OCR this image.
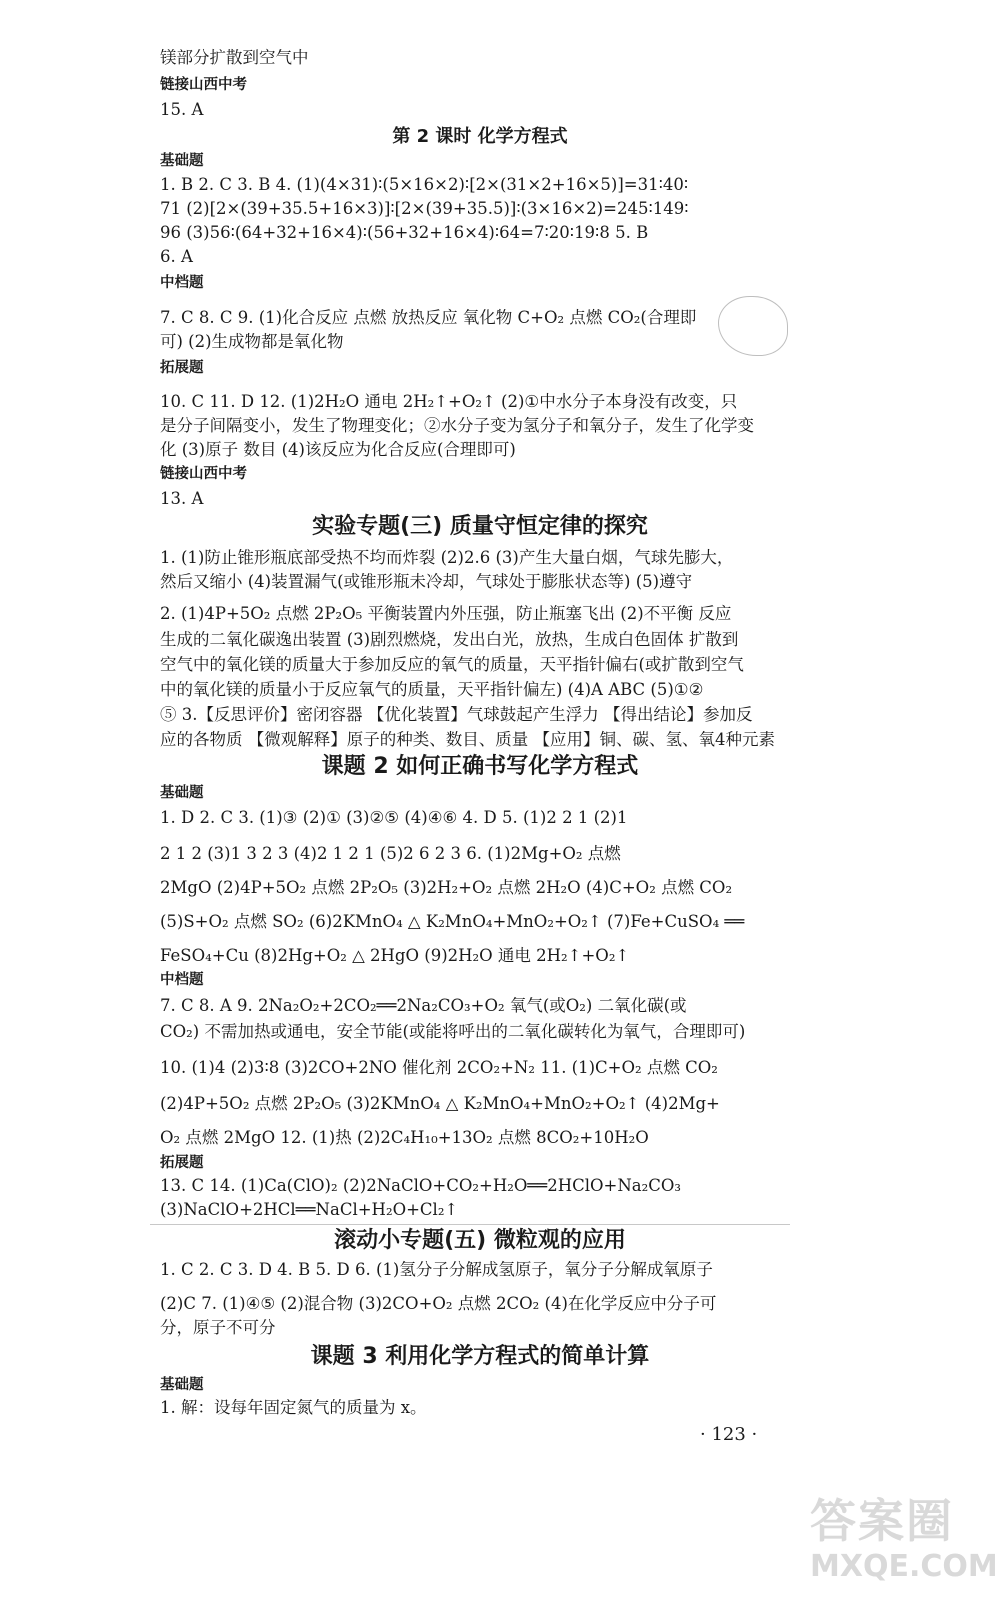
镁部分扩散到空气中
链接山西中考
15. A
第 2 课时 化学方程式
基础题
1. B 2. C 3. B 4. (1)(4×31)∶(5×16×2)∶[2×(31×2+16×5)]=31∶40∶
71 (2)[2×(39+35.5+16×3)]∶[2×(39+35.5)]∶(3×16×2)=245∶149∶
96 (3)56∶(64+32+16×4)∶(56+32+16×4)∶64=7∶20∶19∶8 5. B
6. A
中档题
7. C 8. C 9. (1)化合反应 点燃 放热反应 氧化物 C+O₂ 点燃 CO₂(合理即
可) (2)生成物都是氧化物
拓展题
10. C 11. D 12. (1)2H₂O 通电 2H₂↑+O₂↑ (2)①中水分子本身没有改变，只
是分子间隔变小，发生了物理变化；②水分子变为氢分子和氧分子，发生了化学变
化 (3)原子 数目 (4)该反应为化合反应(合理即可)
链接山西中考
13. A
实验专题(三) 质量守恒定律的探究
1. (1)防止锥形瓶底部受热不均而炸裂 (2)2.6 (3)产生大量白烟，气球先膨大，
然后又缩小 (4)装置漏气(或锥形瓶未冷却，气球处于膨胀状态等) (5)遵守
2. (1)4P+5O₂ 点燃 2P₂O₅ 平衡装置内外压强，防止瓶塞飞出 (2)不平衡 反应
生成的二氧化碳逸出装置 (3)剧烈燃烧，发出白光，放热，生成白色固体 扩散到
空气中的氧化镁的质量大于参加反应的氧气的质量，天平指针偏右(或扩散到空气
中的氧化镁的质量小于反应氧气的质量，天平指针偏左) (4)A ABC (5)①②
⑤ 3.【反思评价】密闭容器 【优化装置】气球鼓起产生浮力 【得出结论】参加反
应的各物质 【微观解释】原子的种类、数目、质量 【应用】铜、碳、氢、氧4种元素
课题 2 如何正确书写化学方程式
基础题
1. D 2. C 3. (1)③ (2)① (3)②⑤ (4)④⑥ 4. D 5. (1)2 2 1 (2)1
2 1 2 (3)1 3 2 3 (4)2 1 2 1 (5)2 6 2 3 6. (1)2Mg+O₂ 点燃
2MgO (2)4P+5O₂ 点燃 2P₂O₅ (3)2H₂+O₂ 点燃 2H₂O (4)C+O₂ 点燃 CO₂
(5)S+O₂ 点燃 SO₂ (6)2KMnO₄ △ K₂MnO₄+MnO₂+O₂↑ (7)Fe+CuSO₄ ══
FeSO₄+Cu (8)2Hg+O₂ △ 2HgO (9)2H₂O 通电 2H₂↑+O₂↑
中档题
7. C 8. A 9. 2Na₂O₂+2CO₂══2Na₂CO₃+O₂ 氧气(或O₂) 二氧化碳(或
CO₂) 不需加热或通电，安全节能(或能将呼出的二氧化碳转化为氧气，合理即可)
10. (1)4 (2)3∶8 (3)2CO+2NO 催化剂 2CO₂+N₂ 11. (1)C+O₂ 点燃 CO₂
(2)4P+5O₂ 点燃 2P₂O₅ (3)2KMnO₄ △ K₂MnO₄+MnO₂+O₂↑ (4)2Mg+
O₂ 点燃 2MgO 12. (1)热 (2)2C₄H₁₀+13O₂ 点燃 8CO₂+10H₂O
拓展题
13. C 14. (1)Ca(ClO)₂ (2)2NaClO+CO₂+H₂O══2HClO+Na₂CO₃
(3)NaClO+2HCl══NaCl+H₂O+Cl₂↑
滚动小专题(五) 微粒观的应用
1. C 2. C 3. D 4. B 5. D 6. (1)氢分子分解成氢原子，氧分子分解成氧原子
(2)C 7. (1)④⑤ (2)混合物 (3)2CO+O₂ 点燃 2CO₂ (4)在化学反应中分子可
分，原子不可分
课题 3 利用化学方程式的简单计算
基础题
1. 解：设每年固定氮气的质量为 x。
· 123 ·
答案圈
MXQE.COM
